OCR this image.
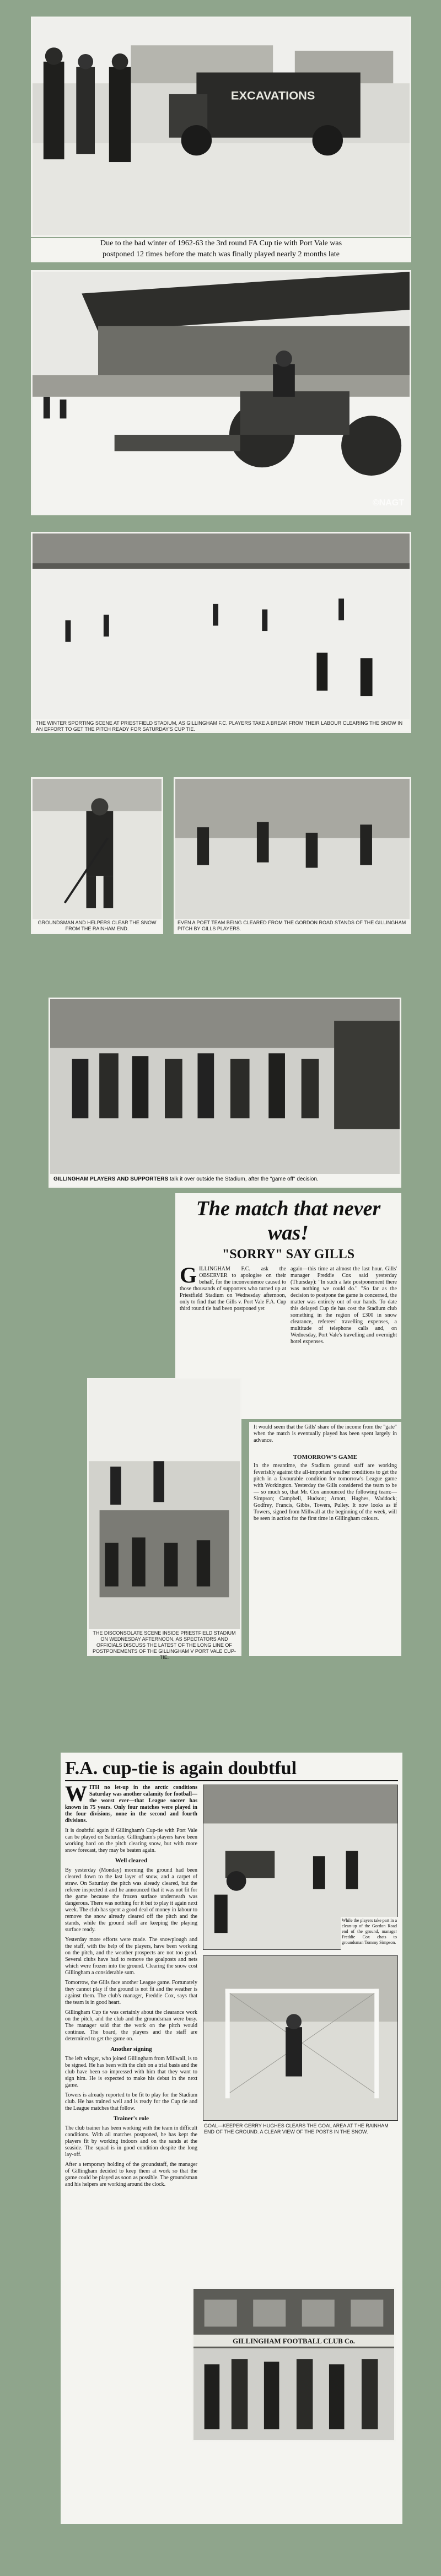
EXCAVATIONS
Due to the bad winter of 1962-63 the 3rd round FA Cup tie with Port Vale was
postponed 12 times before the match was finally played nearly 2 months late
©NAGT
THE WINTER SPORTING SCENE AT PRIESTFIELD STADIUM, AS GILLINGHAM F.C. PLAYERS TAKE A BREAK FROM THEIR LABOUR CLEARING THE SNOW IN AN EFFORT TO GET THE PITCH READY FOR SATURDAY'S CUP TIE.
GROUNDSMAN AND HELPERS CLEAR THE SNOW FROM THE RAINHAM END.
EVEN A POET TEAM BEING CLEARED FROM THE GORDON ROAD STANDS OF THE GILLINGHAM PITCH BY GILLS PLAYERS.
GILLINGHAM PLAYERS AND SUPPORTERS talk it over outside the Stadium, after the "game off" decision.
The match that never was!
"SORRY" SAY GILLS
G ILLINGHAM F.C. ask the OBSERVER to apologise on their behalf, for the inconvenience caused to those thousands of supporters who turned up at Priestfield Stadium on Wednesday afternoon, only to find that the Gills v. Port Vale F.A. Cup third round tie had been postponed yet
again—this time at almost the last hour. Gills' manager Freddie Cox said yesterday (Thursday): "In such a late postponement there was nothing we could do." "So far as the decision to postpone the game is concerned, the matter was entirely out of our hands. To date this delayed Cup tie has cost the Stadium club something in the region of £300 in snow clearance, referees' travelling expenses, a multitude of telephone calls and, on Wednesday, Port Vale's travelling and overnight hotel expenses.
THE DISCONSOLATE SCENE INSIDE PRIESTFIELD STADIUM ON WEDNESDAY AFTERNOON, AS SPECTATORS AND OFFICIALS DISCUSS THE LATEST OF THE LONG LINE OF POSTPONEMENTS OF THE GILLINGHAM V PORT VALE CUP-TIE.
It would seem that the Gills' share of the income from the "gate" when the match is eventually played has been spent largely in advance.
TOMORROW'S GAME
In the meantime, the Stadium ground staff are working feverishly against the all-important weather conditions to get the pitch in a favourable condition for tomorrow's League game with Workington. Yesterday the Gills considered the team to be — so much so, that Mr. Cox announced the following team:— Simpson; Campbell, Hudson; Arnott, Hughes, Waddock; Godfrey, Francis, Gibbs, Towers, Pulley. It now looks as if Towers, signed from Millwall at the beginning of the week, will be seen in action for the first time in Gillingham colours.
F.A. cup-tie is again doubtful
W ITH no let-up in the arctic conditions Saturday was another calamity for football—the worst ever—that League soccer has known in 75 years. Only four matches were played in the four divisions, none in the second and fourth divisions.

It is doubtful again if Gillingham's Cup-tie with Port Vale can be played on Saturday. Gillingham's players have been working hard on the pitch clearing snow, but with more snow forecast, they may be beaten again.

Well cleared

By yesterday (Monday) morning the ground had been cleared down to the last layer of snow, and a carpet of straw. On Saturday the pitch was already cleared, but the referee inspected it and he announced that it was not fit for the game because the frozen surface underneath was dangerous. There was nothing for it but to play it again next week. The club has spent a good deal of money in labour to remove the snow already cleared off the pitch and the stands, while the ground staff are keeping the playing surface ready.

Yesterday more efforts were made. The snowplough and the staff, with the help of the players, have been working on the pitch, and the weather prospects are not too good. Several clubs have had to remove the goalposts and nets which were frozen into the ground. Clearing the snow cost Gillingham a considerable sum.

Tomorrow, the Gills face another League game. Fortunately they cannot play if the ground is not fit and the weather is against them. The club's manager, Freddie Cox, says that the team is in good heart.

Gillingham Cup tie was certainly about the clearance work on the pitch, and the club and the groundsman were busy. The manager said that the work on the pitch would continue. The board, the players and the staff are determined to get the game on.

Another signing

The left winger, who joined Gillingham from Millwall, is to be signed. He has been with the club on a trial basis and the club have been so impressed with him that they want to sign him. He is expected to make his debut in the next game.

Towers is already reported to be fit to play for the Stadium club. He has trained well and is ready for the Cup tie and the League matches that follow.

Trainer's role

The club trainer has been working with the team in difficult conditions. With all matches postponed, he has kept the players fit by working indoors and on the sands at the seaside. The squad is in good condition despite the long lay-off.

After a temporary holding of the groundstaff, the manager of Gillingham decided to keep them at work so that the game could be played as soon as possible. The groundsman and his helpers are working around the clock.

While the players take part in a clean-up of the Gordon Road end of the ground, manager Freddie Cox chats to groundsman Tommy Simpson.
GOAL—KEEPER GERRY HUGHES CLEARS THE GOAL AREA AT THE RAINHAM END OF THE GROUND. A CLEAR VIEW OF THE POSTS IN THE SNOW.
GILLINGHAM FOOTBALL CLUB Co.
